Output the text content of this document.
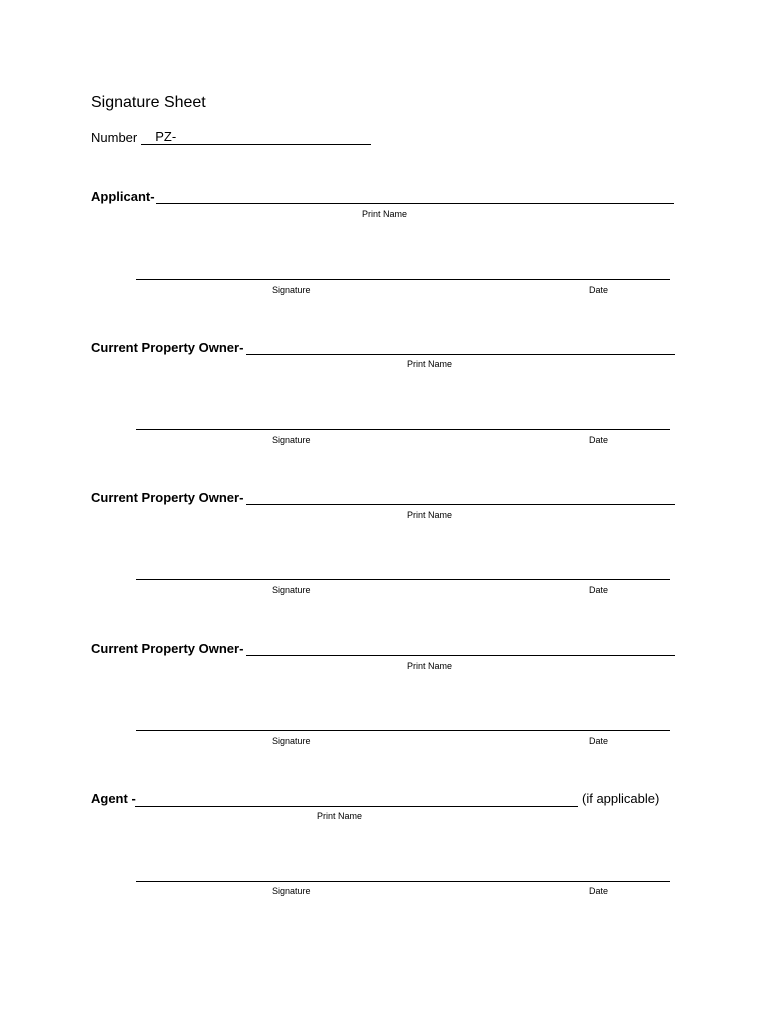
Signature Sheet
Number	PZ-
Applicant-
Print Name
Signature	Date
Current Property Owner-
Print Name
Signature	Date
Current Property Owner-
Print Name
Signature	Date
Current Property Owner-
Print Name
Signature	Date
Agent -	(if applicable)
Print Name
Signature	Date
